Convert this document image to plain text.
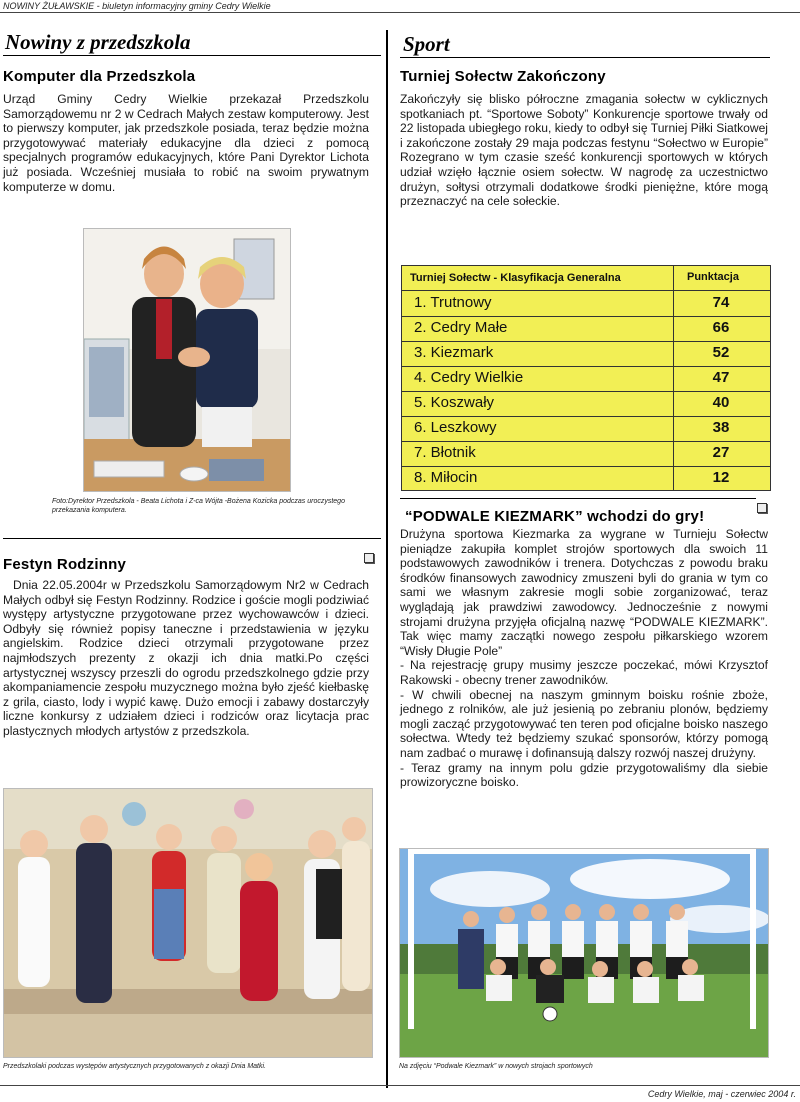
NOWINY ŻUŁAWSKIE - biuletyn informacyjny gminy Cedry Wielkie
Nowiny z przedszkola
Komputer dla Przedszkola

Urząd Gminy Cedry Wielkie przekazał Przedszkolu Samorządowemu nr 2 w Cedrach Małych zestaw komputerowy. Jest to pierwszy komputer, jak przedszkole posiada, teraz będzie można przygotowywać materiały edukacyjne dla dzieci z pomocą specjalnych programów edukacyjnych, które Pani Dyrektor Lichota już posiada. Wcześniej musiała to robić na swoim prywatnym komputerze w domu.

Foto:Dyrektor Przedszkola - Beata Lichota i Z-ca Wójta -Bożena Kozicka podczas uroczystego przekazania komputera.
Festyn Rodzinny

Dnia 22.05.2004r w Przedszkolu Samorządowym Nr2 w Cedrach Małych odbył się Festyn Rodzinny. Rodzice i goście mogli podziwiać występy artystyczne przygotowane przez wychowawców i dzieci. Odbyły się również popisy taneczne i przedstawienia w języku angielskim. Rodzice dzieci otrzymali przygotowane przez najmłodszych prezenty z okazji ich dnia matki.Po części artystycznej wszyscy przeszli do ogrodu przedszkolnego gdzie przy akompaniamencie zespołu muzycznego można było zjeść kiełbaskę z grila, ciasto, lody i wypić kawę. Dużo emocji i zabawy dostarczyły liczne konkursy z udziałem dzieci i rodziców oraz licytacja prac plastycznych młodych artystów z przedszkola.

Przedszkolaki podczas występów artystycznych przygotowanych z okazji Dnia Matki.
Sport
Turniej Sołectw Zakończony

Zakończyły się blisko półroczne zmagania sołectw w cyklicznych spotkaniach pt. “Sportowe Soboty” Konkurencje sportowe trwały od 22 listopada ubiegłego roku, kiedy to odbył się Turniej Piłki Siatkowej i zakończone zostały 29 maja podczas festynu “Sołectwo w Europie” Rozegrano w tym czasie sześć konkurencji sportowych w których udział wzięło łącznie osiem sołectw. W nagrodę za uczestnictwo drużyn, sołtysi otrzymali dodatkowe środki pieniężne, które mogą przeznaczyć na cele sołeckie.

Turniej Sołectw - Klasyfikacja Generalna	Punktacja
1. Trutnowy	74
2. Cedry Małe	66
3. Kiezmark	52
4. Cedry Wielkie	47
5. Koszwały	40
6. Leszkowy	38
7. Błotnik	27
8. Miłocin	12
“PODWALE KIEZMARK” wchodzi do gry!

Drużyna sportowa Kiezmarka za wygrane w Turnieju Sołectw pieniądze zakupiła komplet strojów sportowych dla swoich 11 podstawowych zawodników i trenera. Dotychczas z powodu braku środków finansowych zawodnicy zmuszeni byli do grania w tym co sami we własnym zakresie mogli sobie zorganizować, teraz wyglądają jak prawdziwi zawodowcy. Jednocześnie z nowymi strojami drużyna przyjęła oficjalną nazwę “PODWALE KIEZMARK”. Tak więc mamy zaczątki nowego zespołu piłkarskiego wzorem “Wisły Długie Pole”

- Na rejestrację grupy musimy jeszcze poczekać, mówi Krzysztof Rakowski - obecny trener zawodników.

- W chwili obecnej na naszym gminnym boisku rośnie zboże, jednego z rolników, ale już jesienią po zebraniu plonów, będziemy mogli zacząć przygotowywać ten teren pod oficjalne boisko naszego sołectwa. Wtedy też będziemy szukać sponsorów, którzy pomogą nam zadbać o murawę i dofinansują dalszy rozwój naszej drużyny.

- Teraz gramy na innym polu gdzie przygotowaliśmy dla siebie prowizoryczne boisko.

Na zdjęciu “Podwale Kiezmark” w nowych strojach sportowych
Cedry Wielkie, maj - czerwiec 2004 r.
